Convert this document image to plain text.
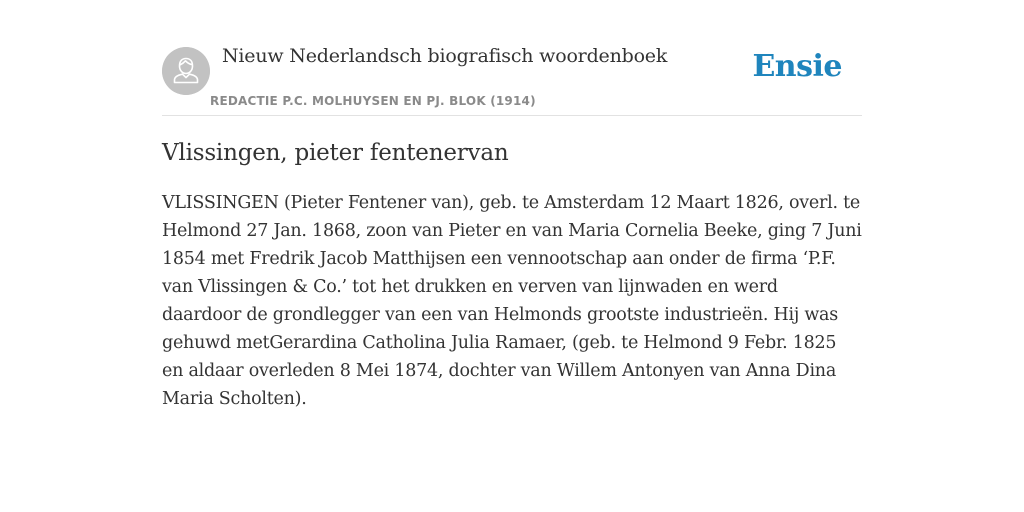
Nieuw Nederlandsch biografisch woordenboek
REDACTIE P.C. MOLHUYSEN EN PJ. BLOK (1914)
Ensie
Vlissingen, pieter fentenervan

VLISSINGEN (Pieter Fentener van), geb. te Amsterdam 12 Maart 1826, overl. te Helmond 27 Jan. 1868, zoon van Pieter en van Maria Cornelia Beeke, ging 7 Juni 1854 met Fredrik Jacob Matthijsen een vennootschap aan onder de firma ‘P.F. van Vlissingen & Co.’ tot het drukken en verven van lijnwaden en werd daardoor de grondlegger van een van Helmonds grootste industrieën. Hij was gehuwd metGerardina Catholina Julia Ramaer, (geb. te Helmond 9 Febr. 1825 en aldaar overleden 8 Mei 1874, dochter van Willem Antonyen van Anna Dina Maria Scholten).
